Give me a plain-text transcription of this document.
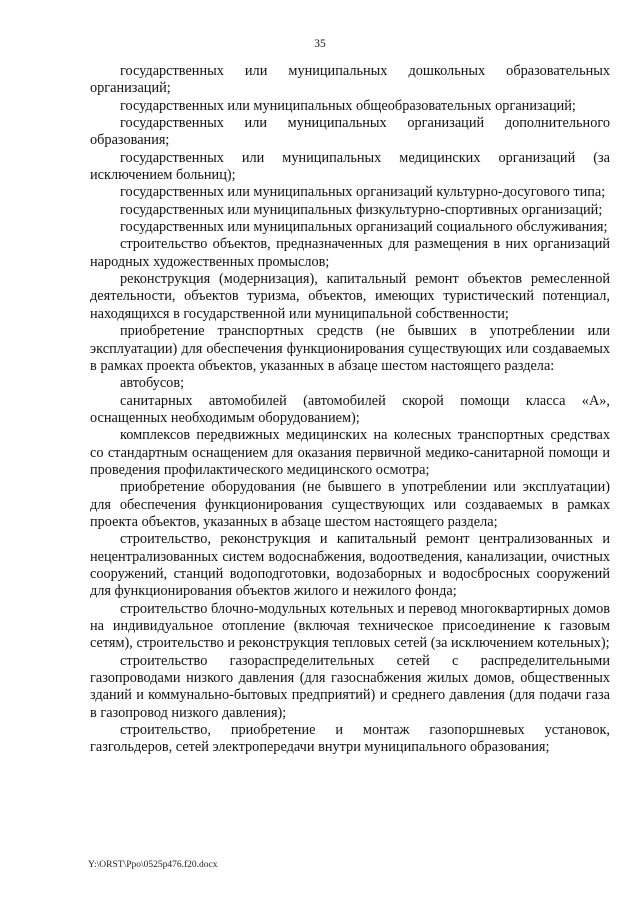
35

государственных или муниципальных дошкольных образовательных организаций;

государственных или муниципальных общеобразовательных организаций;

государственных или муниципальных организаций дополнительного образования;

государственных или муниципальных медицинских организаций (за исключением больниц);

государственных или муниципальных организаций культурно-досугового типа;

государственных или муниципальных физкультурно-спортивных организаций;

государственных или муниципальных организаций социального обслуживания;

строительство объектов, предназначенных для размещения в них организаций народных художественных промыслов;

реконструкция (модернизация), капитальный ремонт объектов ремесленной деятельности, объектов туризма, объектов, имеющих туристический потенциал, находящихся в государственной или муниципальной собственности;

приобретение транспортных средств (не бывших в употреблении или эксплуатации) для обеспечения функционирования существующих или создаваемых в рамках проекта объектов, указанных в абзаце шестом настоящего раздела:

автобусов;

санитарных автомобилей (автомобилей скорой помощи класса «А», оснащенных необходимым оборудованием);

комплексов передвижных медицинских на колесных транспортных средствах со стандартным оснащением для оказания первичной медико-санитарной помощи и проведения профилактического медицинского осмотра;

приобретение оборудования (не бывшего в употреблении или эксплуатации) для обеспечения функционирования существующих или создаваемых в рамках проекта объектов, указанных в абзаце шестом настоящего раздела;

строительство, реконструкция и капитальный ремонт централизованных и нецентрализованных систем водоснабжения, водоотведения, канализации, очистных сооружений, станций водоподготовки, водозаборных и водосбросных сооружений для функционирования объектов жилого и нежилого фонда;

строительство блочно-модульных котельных и перевод многоквартирных домов на индивидуальное отопление (включая техническое присоединение к газовым сетям), строительство и реконструкция тепловых сетей (за исключением котельных);

строительство газораспределительных сетей с распределительными газопроводами низкого давления (для газоснабжения жилых домов, общественных зданий и коммунально-бытовых предприятий) и среднего давления (для подачи газа в газопровод низкого давления);

строительство, приобретение и монтаж газопоршневых установок, газгольдеров, сетей электропередачи внутри муниципального образования;

Y:\ORST\Ppo\0525p476.f20.docx
